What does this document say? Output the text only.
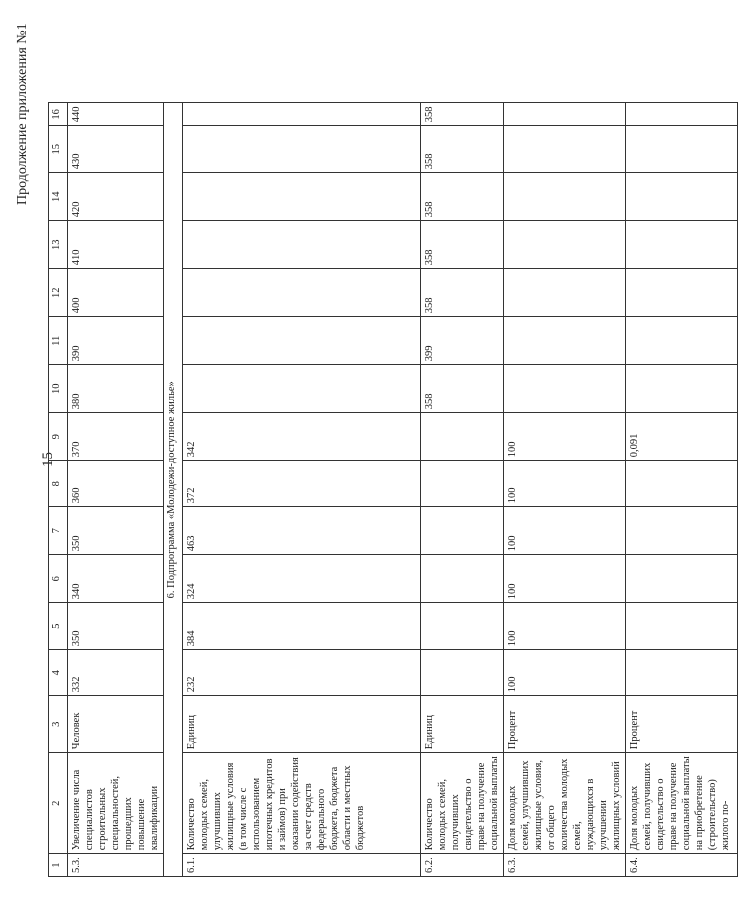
15
Продолжение приложения №1
1	2	3	4	5	6	7	8	9	10	11	12	13	14	15	16
5.3.	Увеличение числа специалистов строительных специальностей, прошедших повышение квалификации	Человек	332	350	340	350	360	370	380	390	400	410	420	430	440
6. Подпрограмма «Молодежи-доступное жилье»															
6.1.	Количество молодых семей, улучшивших жилищные условия (в том числе с использованием ипотечных кредитов и займов) при оказании содействия за счет средств федерального бюджета, бюджета области и местных бюджетов	Единиц	232	384	324	463	372	342							
6.2.	Количество молодых семей, получивших свидетельство о праве на получение социальной выплаты	Единиц							358	399	358	358	358	358	358
6.3.	Доля молодых семей, улучшивших жилищные условия, от общего количества молодых семей, нуждающихся в улучшении жилищных условий	Процент	100	100	100	100	100	100							
6.4.	Доля молодых семей, получивших свидетельство о праве на получение социальной выплаты на приобретение (строительство) жилого по-	Процент						0,091							
